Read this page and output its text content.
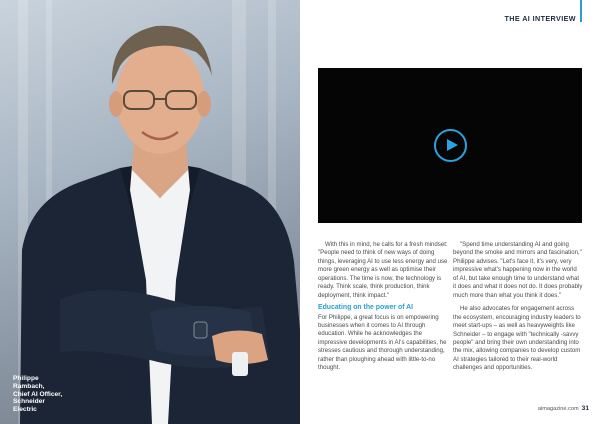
Philippe
Rambach,
Chief AI Officer,
Schneider
Electric
THE AI INTERVIEW

With this in mind, he calls for a fresh mindset: "People need to think of new ways of doing things, leveraging AI to use less energy and use more green energy as well as optimise their operations. The time is now, the technology is ready. Think scale, think production, think deployment, think impact."

Educating on the power of AI

For Philippe, a great focus is on empowering businesses when it comes to AI through education. While he acknowledges the impressive developments in AI's capabilities, he stresses cautious and thorough understanding, rather than ploughing ahead with little-to-no thought.

"Spend time understanding AI and going beyond the smoke and mirrors and fascination," Philippe advises. "Let's face it, it's very, very impressive what's happening now in the world of AI, but take enough time to understand what it does and what it does not do. It does probably much more than what you think it does."

He also advocates for engagement across the ecosystem, encouraging industry leaders to meet start-ups – as well as heavyweights like Schneider – to engage with "technically -savvy people" and bring their own understanding into the mix, allowing companies to develop custom AI strategies tailored to their real-world challenges and opportunities.

aimagazine.com 31
